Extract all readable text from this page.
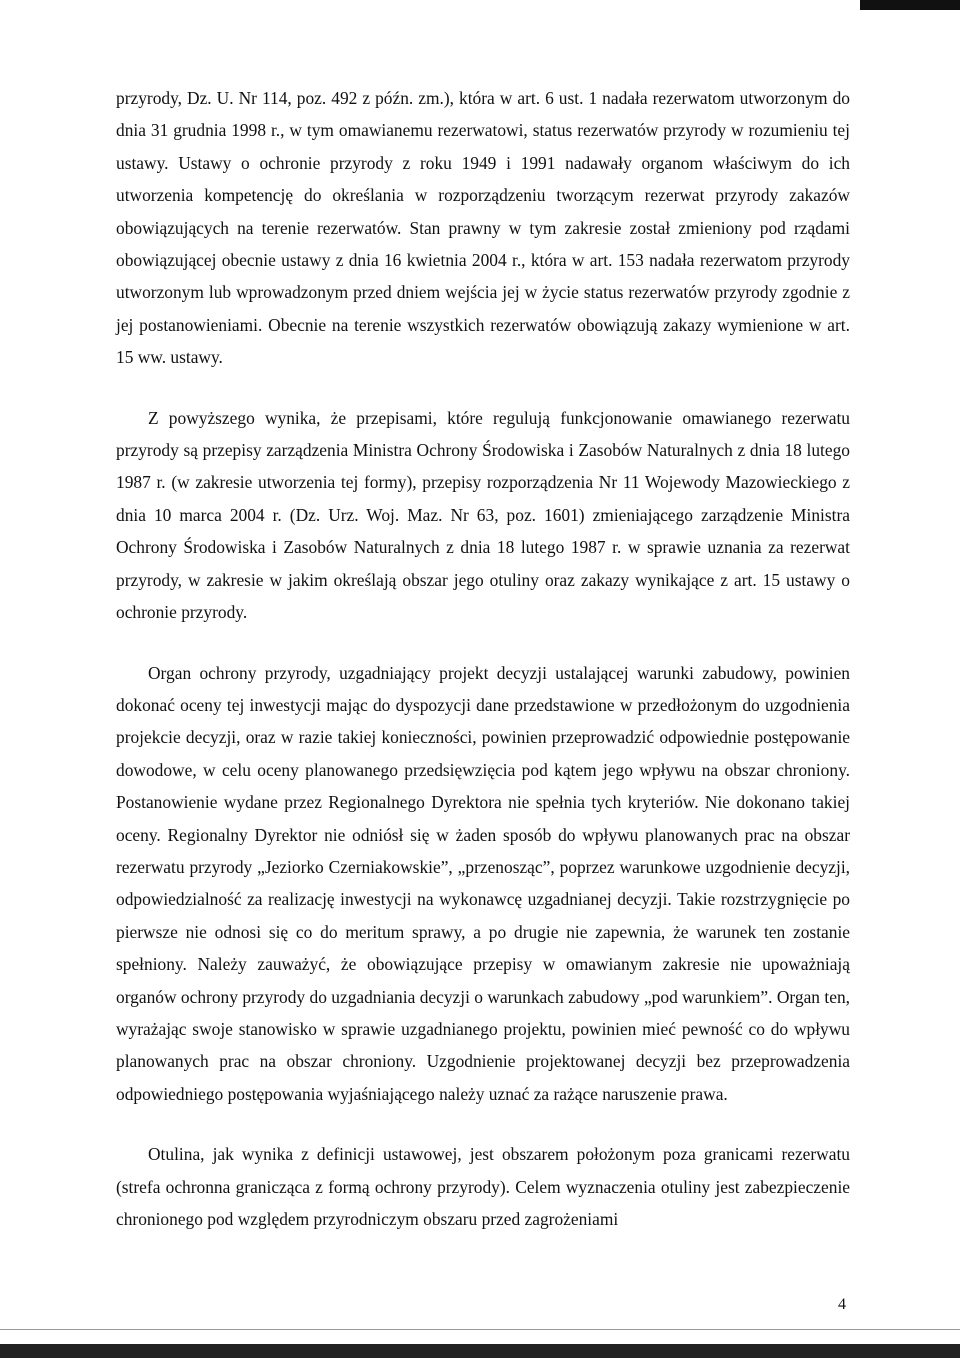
przyrody, Dz. U. Nr 114, poz. 492 z późn. zm.), która w art. 6 ust. 1 nadała rezerwatom utworzonym do dnia 31 grudnia 1998 r., w tym omawianemu rezerwatowi, status rezerwatów przyrody w rozumieniu tej ustawy. Ustawy o ochronie przyrody z roku 1949 i 1991 nadawały organom właściwym do ich utworzenia kompetencję do określania w rozporządzeniu tworzącym rezerwat przyrody zakazów obowiązujących na terenie rezerwatów. Stan prawny w tym zakresie został zmieniony pod rządami obowiązującej obecnie ustawy z dnia 16 kwietnia 2004 r., która w art. 153 nadała rezerwatom przyrody utworzonym lub wprowadzonym przed dniem wejścia jej w życie status rezerwatów przyrody zgodnie z jej postanowieniami. Obecnie na terenie wszystkich rezerwatów obowiązują zakazy wymienione w art. 15 ww. ustawy.

Z powyższego wynika, że przepisami, które regulują funkcjonowanie omawianego rezerwatu przyrody są przepisy zarządzenia Ministra Ochrony Środowiska i Zasobów Naturalnych z dnia 18 lutego 1987 r. (w zakresie utworzenia tej formy), przepisy rozporządzenia Nr 11 Wojewody Mazowieckiego z dnia 10 marca 2004 r. (Dz. Urz. Woj. Maz. Nr 63, poz. 1601) zmieniającego zarządzenie Ministra Ochrony Środowiska i Zasobów Naturalnych z dnia 18 lutego 1987 r. w sprawie uznania za rezerwat przyrody, w zakresie w jakim określają obszar jego otuliny oraz zakazy wynikające z art. 15 ustawy o ochronie przyrody.

Organ ochrony przyrody, uzgadniający projekt decyzji ustalającej warunki zabudowy, powinien dokonać oceny tej inwestycji mając do dyspozycji dane przedstawione w przedłożonym do uzgodnienia projekcie decyzji, oraz w razie takiej konieczności, powinien przeprowadzić odpowiednie postępowanie dowodowe, w celu oceny planowanego przedsięwzięcia pod kątem jego wpływu na obszar chroniony. Postanowienie wydane przez Regionalnego Dyrektora nie spełnia tych kryteriów. Nie dokonano takiej oceny. Regionalny Dyrektor nie odniósł się w żaden sposób do wpływu planowanych prac na obszar rezerwatu przyrody „Jeziorko Czerniakowskie”, „przenosząc”, poprzez warunkowe uzgodnienie decyzji, odpowiedzialność za realizację inwestycji na wykonawcę uzgadnianej decyzji. Takie rozstrzygnięcie po pierwsze nie odnosi się co do meritum sprawy, a po drugie nie zapewnia, że warunek ten zostanie spełniony. Należy zauważyć, że obowiązujące przepisy w omawianym zakresie nie upoważniają organów ochrony przyrody do uzgadniania decyzji o warunkach zabudowy „pod warunkiem”. Organ ten, wyrażając swoje stanowisko w sprawie uzgadnianego projektu, powinien mieć pewność co do wpływu planowanych prac na obszar chroniony. Uzgodnienie projektowanej decyzji bez przeprowadzenia odpowiedniego postępowania wyjaśniającego należy uznać za rażące naruszenie prawa.

Otulina, jak wynika z definicji ustawowej, jest obszarem położonym poza granicami rezerwatu (strefa ochronna granicząca z formą ochrony przyrody). Celem wyznaczenia otuliny jest zabezpieczenie chronionego pod względem przyrodniczym obszaru przed zagrożeniami

4
